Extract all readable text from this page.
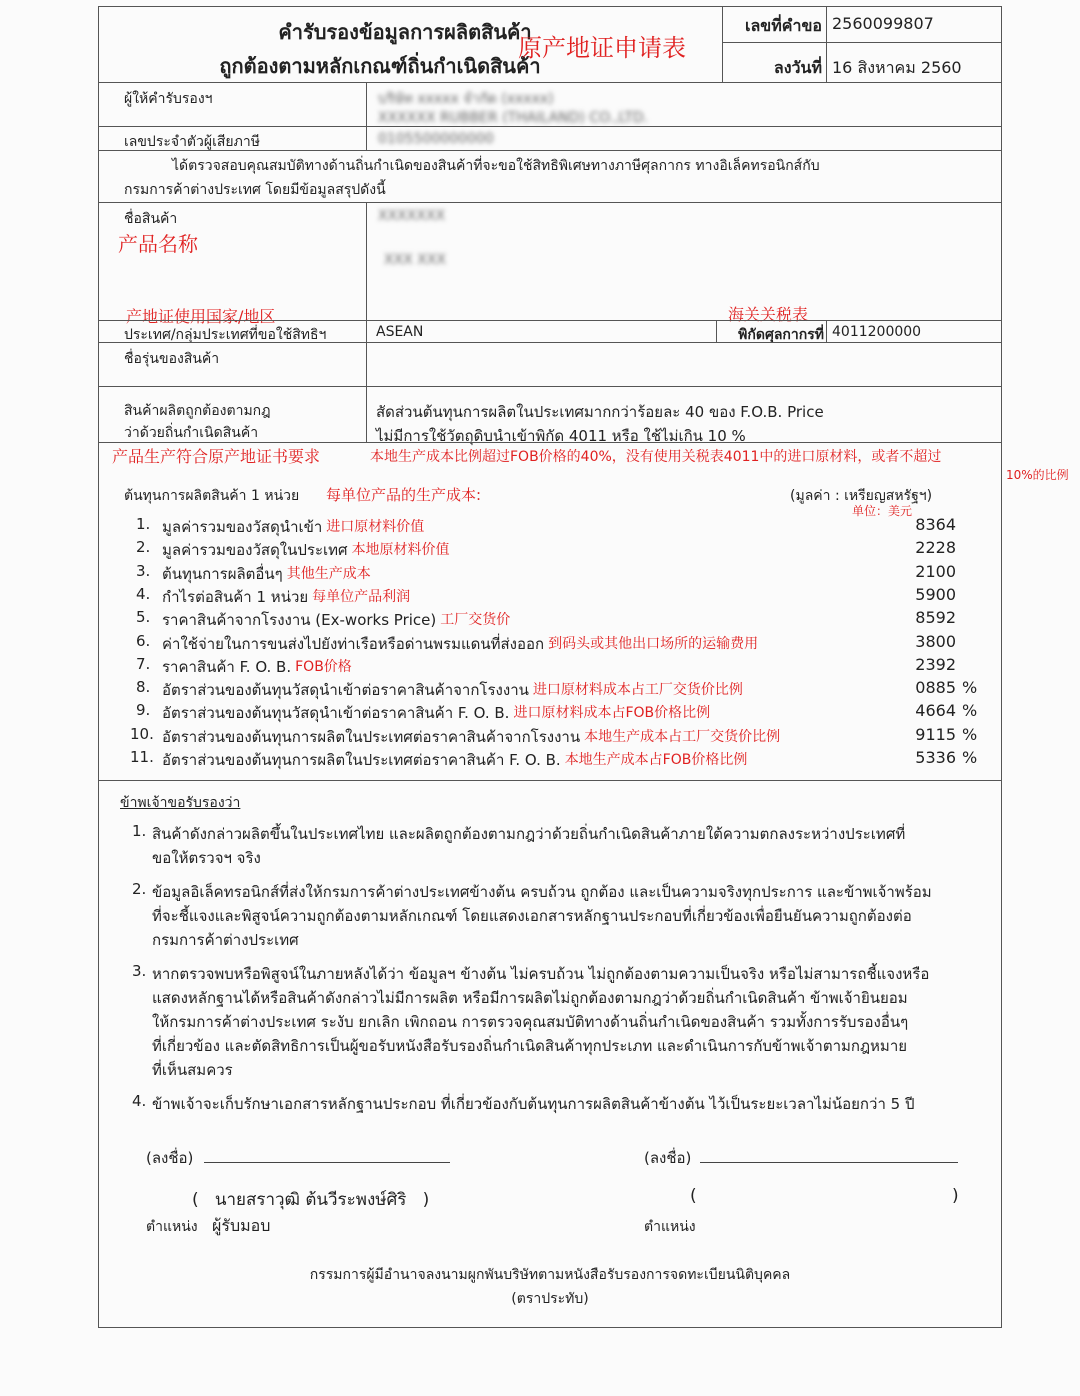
คำรับรองข้อมูลการผลิตสินค้า
ถูกต้องตามหลักเกณฑ์ถิ่นกำเนิดสินค้า
原产地证申请表
เลขที่คำขอ 2560099807
ลงวันที่ 16 สิงหาคม 2560
ผู้ให้คำรับรองฯ	บริษัท xxxxx จำกัด (xxxxx)
XXXXXX RUBBER (THAILAND) CO.,LTD.
เลขประจำตัวผู้เสียภาษี	0105500000000
ได้ตรวจสอบคุณสมบัติทางด้านถิ่นกำเนิดของสินค้าที่จะขอใช้สิทธิพิเศษทางภาษีศุลกากร ทางอิเล็คทรอนิกส์กับ
กรมการค้าต่างประเทศ โดยมีข้อมูลสรุปดังนี้
ชื่อสินค้า
产品名称
XXXXXXX
XXX XXX
产地证使用国家/地区	海关关税表
ประเทศ/กลุ่มประเทศที่ขอใช้สิทธิฯ	ASEAN	พิกัดศุลกากรที่ 4011200000
ชื่อรุ่นของสินค้า
สินค้าผลิตถูกต้องตามกฎ
ว่าด้วยถิ่นกำเนิดสินค้า
สัดส่วนต้นทุนการผลิตในประเทศมากกว่าร้อยละ 40 ของ F.O.B. Price
ไม่มีการใช้วัตถุดิบนำเข้าพิกัด 4011 หรือ ใช้ไม่เกิน 10 %
产品生产符合原产地证书要求	本地生产成本比例超过FOB价格的40%，没有使用关税表4011中的进口原材料，或者不超过
10%的比例
ต้นทุนการผลิตสินค้า 1 หน่วย 每单位产品的生产成本:	(มูลค่า : เหรียญสหรัฐฯ)
单位：美元
1. มูลค่ารวมของวัสดุนำเข้า 进口原材料价值	8364
2. มูลค่ารวมของวัสดุในประเทศ 本地原材料价值	2228
3. ต้นทุนการผลิตอื่นๆ 其他生产成本	2100
4. กำไรต่อสินค้า 1 หน่วย 每单位产品利润	5900
5. ราคาสินค้าจากโรงงาน (Ex-works Price) 工厂交货价	8592
6. ค่าใช้จ่ายในการขนส่งไปยังท่าเรือหรือด่านพรมแดนที่ส่งออก 到码头或其他出口场所的运输费用	3800
7. ราคาสินค้า F. O. B. FOB价格	2392
8. อัตราส่วนของต้นทุนวัสดุนำเข้าต่อราคาสินค้าจากโรงงาน 进口原材料成本占工厂交货价比例	0885 %
9. อัตราส่วนของต้นทุนวัสดุนำเข้าต่อราคาสินค้า F. O. B. 进口原材料成本占FOB价格比例	4664 %
10. อัตราส่วนของต้นทุนการผลิตในประเทศต่อราคาสินค้าจากโรงงาน 本地生产成本占工厂交货价比例	9115 %
11. อัตราส่วนของต้นทุนการผลิตในประเทศต่อราคาสินค้า F. O. B. 本地生产成本占FOB价格比例	5336 %
ข้าพเจ้าขอรับรองว่า
1. สินค้าดังกล่าวผลิตขึ้นในประเทศไทย และผลิตถูกต้องตามกฎว่าด้วยถิ่นกำเนิดสินค้าภายใต้ความตกลงระหว่างประเทศที่
ขอให้ตรวจฯ จริง
2. ข้อมูลอิเล็คทรอนิกส์ที่ส่งให้กรมการค้าต่างประเทศข้างต้น ครบถ้วน ถูกต้อง และเป็นความจริงทุกประการ และข้าพเจ้าพร้อม
ที่จะชี้แจงและพิสูจน์ความถูกต้องตามหลักเกณฑ์ โดยแสดงเอกสารหลักฐานประกอบที่เกี่ยวข้องเพื่อยืนยันความถูกต้องต่อ
กรมการค้าต่างประเทศ
3. หากตรวจพบหรือพิสูจน์ในภายหลังได้ว่า ข้อมูลฯ ข้างต้น ไม่ครบถ้วน ไม่ถูกต้องตามความเป็นจริง หรือไม่สามารถชี้แจงหรือ
แสดงหลักฐานได้หรือสินค้าดังกล่าวไม่มีการผลิต หรือมีการผลิตไม่ถูกต้องตามกฎว่าด้วยถิ่นกำเนิดสินค้า ข้าพเจ้ายินยอม
ให้กรมการค้าต่างประเทศ ระงับ ยกเลิก เพิกถอน การตรวจคุณสมบัติทางด้านถิ่นกำเนิดของสินค้า รวมทั้งการรับรองอื่นๆ
ที่เกี่ยวข้อง และตัดสิทธิการเป็นผู้ขอรับหนังสือรับรองถิ่นกำเนิดสินค้าทุกประเภท และดำเนินการกับข้าพเจ้าตามกฎหมาย
ที่เห็นสมควร
4. ข้าพเจ้าจะเก็บรักษาเอกสารหลักฐานประกอบ ที่เกี่ยวข้องกับต้นทุนการผลิตสินค้าข้างต้น ไว้เป็นระยะเวลาไม่น้อยกว่า 5 ปี
(ลงชื่อ)
(   นายสราวุฒิ ต้นวีระพงษ์ศิริ   )
ตำแหน่ง ผู้รับมอบ
(ลงชื่อ)
(	)
ตำแหน่ง
กรรมการผู้มีอำนาจลงนามผูกพันบริษัทตามหนังสือรับรองการจดทะเบียนนิติบุคคล
(ตราประทับ)
